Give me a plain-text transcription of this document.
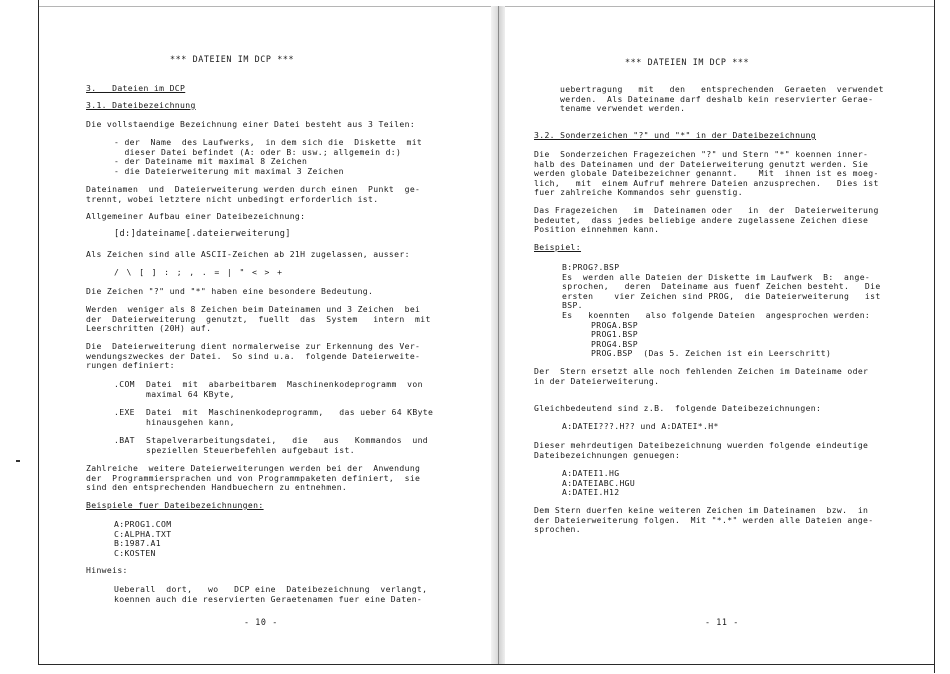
*** DATEIEN IM DCP ***

3.   Dateien im DCP

3.1. Dateibezeichnung

Die vollstaendige Bezeichnung einer Datei besteht aus 3 Teilen:

- der  Name  des Laufwerks,  in dem sich die  Diskette  mit

dieser Datei befindet (A: oder B: usw.; allgemein d:)

- der Dateiname mit maximal 8 Zeichen

- die Dateierweiterung mit maximal 3 Zeichen

Dateinamen  und  Dateierweiterung werden durch einen  Punkt  ge-

trennt, wobei letztere nicht unbedingt erforderlich ist.

Allgemeiner Aufbau einer Dateibezeichnung:

[d:]dateiname[.dateierweiterung]

Als Zeichen sind alle ASCII-Zeichen ab 21H zugelassen, ausser:

/ \ [ ] : ; , . = | " < > +

Die Zeichen "?" und "*" haben eine besondere Bedeutung.

Werden  weniger als 8 Zeichen beim Dateinamen und 3 Zeichen  bei

der  Dateierweiterung  genutzt,  fuellt  das  System   intern  mit

Leerschritten (20H) auf.

Die  Dateierweiterung dient normalerweise zur Erkennung des Ver-

wendungszweckes der Datei.  So sind u.a.  folgende Dateierweite-

rungen definiert:

.COM Datei  mit  abarbeitbarem  Maschinenkodeprogramm  von

maximal 64 KByte,

.EXE Datei  mit  Maschinenkodeprogramm,   das ueber 64 KByte

hinausgehen kann,

.BAT Stapelverarbeitungsdatei,   die   aus   Kommandos  und

speziellen Steuerbefehlen aufgebaut ist.

Zahlreiche  weitere Dateierweiterungen werden bei der  Anwendung

der  Programmiersprachen und von Programmpaketen definiert,  sie

sind den entsprechenden Handbuechern zu entnehmen.

Beispiele fuer Dateibezeichnungen:

A:PROG1.COM

C:ALPHA.TXT

B:1987.A1

C:KOSTEN

Hinweis:

Ueberall  dort,   wo   DCP eine  Dateibezeichnung  verlangt,

koennen auch die reservierten Geraetenamen fuer eine Daten-

- 10 -

*** DATEIEN IM DCP ***

uebertragung   mit   den   entsprechenden  Geraeten  verwendet

werden.  Als Dateiname darf deshalb kein reservierter Gerae-

tename verwendet werden.

3.2. Sonderzeichen "?" und "*" in der Dateibezeichnung

Die  Sonderzeichen Fragezeichen "?" und Stern "*" koennen inner-

halb des Dateinamen und der Dateierweiterung genutzt werden. Sie

werden globale Dateibezeichner genannt.    Mit  ihnen ist es moeg-

lich,   mit  einem Aufruf mehrere Dateien anzusprechen.   Dies ist

fuer zahlreiche Kommandos sehr guenstig.

Das Fragezeichen   im  Dateinamen oder   in  der  Dateierweiterung

bedeutet,  dass jedes beliebige andere zugelassene Zeichen diese

Position einnehmen kann.

Beispiel:

B:PROG?.BSP

Es  werden alle Dateien der Diskette im Laufwerk  B:  ange-

sprochen,   deren  Dateiname aus fuenf Zeichen besteht.   Die

ersten    vier Zeichen sind PROG,  die Dateierweiterung   ist

BSP.

Es   koennten   also folgende Dateien  angesprochen werden:

PROGA.BSP

PROG1.BSP

PROG4.BSP

PROG.BSP  (Das 5. Zeichen ist ein Leerschritt)

Der  Stern ersetzt alle noch fehlenden Zeichen im Dateiname oder

in der Dateierweiterung.

Gleichbedeutend sind z.B.  folgende Dateibezeichnungen:

A:DATEI???.H?? und A:DATEI*.H*

Dieser mehrdeutigen Dateibezeichnung wuerden folgende eindeutige

Dateibezeichnungen genuegen:

A:DATEI1.HG

A:DATEIABC.HGU

A:DATEI.H12

Dem Stern duerfen keine weiteren Zeichen im Dateinamen  bzw.  in

der Dateierweiterung folgen.  Mit "*.*" werden alle Dateien ange-

sprochen.

- 11 -
